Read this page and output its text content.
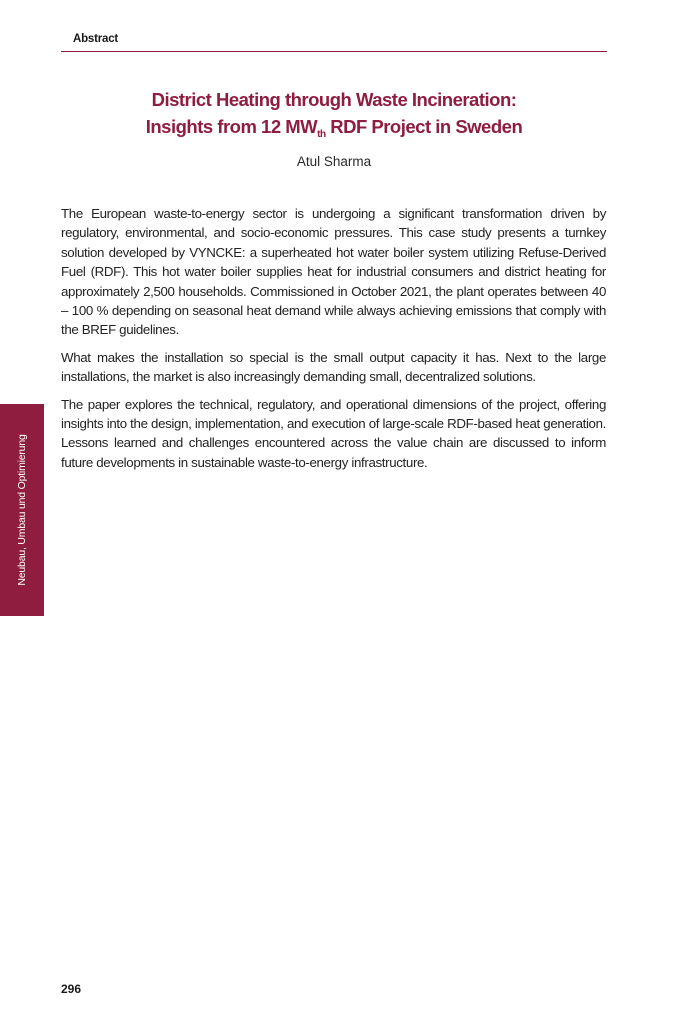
Abstract
District Heating through Waste Incineration:
Insights from 12 $MW_{th}$ RDF Project in Sweden
Atul Sharma

The European waste-to-energy sector is undergoing a significant transformation driven by regulatory, environmental, and socio-economic pressures. This case study presents a turnkey solution developed by VYNCKE: a superheated hot water boiler system utilizing Refuse-Derived Fuel (RDF). This hot water boiler supplies heat for industrial consumers and district heating for approximately 2,500 households. Commissioned in October 2021, the plant operates between 40 – 100 % depending on seasonal heat demand while always achieving emissions that comply with the BREF guidelines.

What makes the installation so special is the small output capacity it has. Next to the large installations, the market is also increasingly demanding small, decentralized solutions.

The paper explores the technical, regulatory, and operational dimensions of the project, offering insights into the design, implementation, and execution of large-scale RDF-based heat generation. Lessons learned and challenges encountered across the value chain are discussed to inform future developments in sustainable waste-to-energy infrastructure.

Neubau, Umbau und Optimierung
296
